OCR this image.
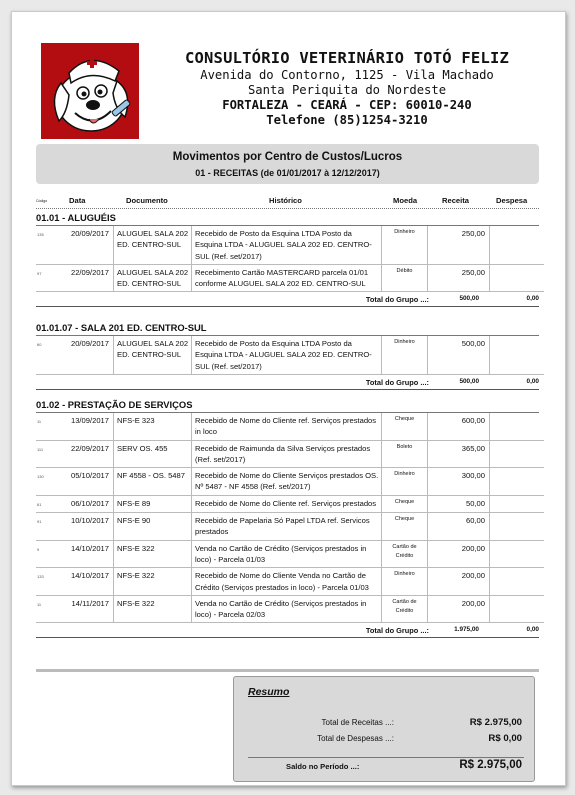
CONSULTÓRIO VETERINÁRIO TOTÓ FELIZ
Avenida do Contorno, 1125 - Vila Machado
Santa Periquita do Nordeste
FORTALEZA - CEARÁ - CEP: 60010-240
Telefone (85)1254-3210
Movimentos por Centro de Custos/Lucros
01 - RECEITAS (de 01/01/2017 à 12/12/2017)
Código	Data	Documento	Histórico	Moeda	Receita	Despesa
01.01 - ALUGUÉIS
135	20/09/2017	ALUGUEL SALA 202 ED. CENTRO-SUL	Recebido de Posto da Esquina LTDA Posto da Esquina LTDA - ALUGUEL SALA 202 ED. CENTRO-SUL (Ref. set/2017)	Dinheiro	250,00	
97	22/09/2017	ALUGUEL SALA 202 ED. CENTRO-SUL	Recebimento Cartão MASTERCARD parcela 01/01 conforme ALUGUEL SALA 202 ED. CENTRO-SUL	Débito	250,00	
Total do Grupo ...:	500,00	0,00
01.01.07 - SALA 201 ED. CENTRO-SUL
60	20/09/2017	ALUGUEL SALA 202 ED. CENTRO-SUL	Recebido de Posto da Esquina LTDA Posto da Esquina LTDA - ALUGUEL SALA 202 ED. CENTRO-SUL (Ref. set/2017)	Dinheiro	500,00	
Total do Grupo ...:	500,00	0,00
01.02 - PRESTAÇÃO DE SERVIÇOS
11	13/09/2017	NFS-E 323	Recebido de Nome do Cliente ref. Serviços prestados in loco	Cheque	600,00	
111	22/09/2017	SERV OS. 455	Recebido de Raimunda da Silva Serviços prestados (Ref. set/2017)	Boleto	365,00	
130	05/10/2017	NF 4558 - OS. 5487	Recebido de Nome do Cliente Serviços prestados OS. Nº 5487 - NF 4558 (Ref. set/2017)	Dinheiro	300,00	
61	06/10/2017	NFS-E 89	Recebido de Nome do Cliente ref. Serviços prestados	Cheque	50,00	
91	10/10/2017	NFS-E 90	Recebido de Papelaria Só Papel LTDA ref. Servicos prestados	Cheque	60,00	
9	14/10/2017	NFS-E 322	Venda no Cartão de Crédito (Serviços prestados in loco) - Parcela 01/03	Cartão de Crédito	200,00	
133	14/10/2017	NFS-E 322	Recebido de Nome do Cliente Venda no Cartão de Crédito (Serviços prestados in loco) - Parcela 01/03	Dinheiro	200,00	
11	14/11/2017	NFS-E 322	Venda no Cartão de Crédito (Serviços prestados in loco) - Parcela 02/03	Cartão de Crédito	200,00	
Total do Grupo ...:	1.975,00	0,00
Resumo
Total de Receitas ...:	R$ 2.975,00
Total de Despesas ...:	R$ 0,00
Saldo no Período ...:	R$ 2.975,00
